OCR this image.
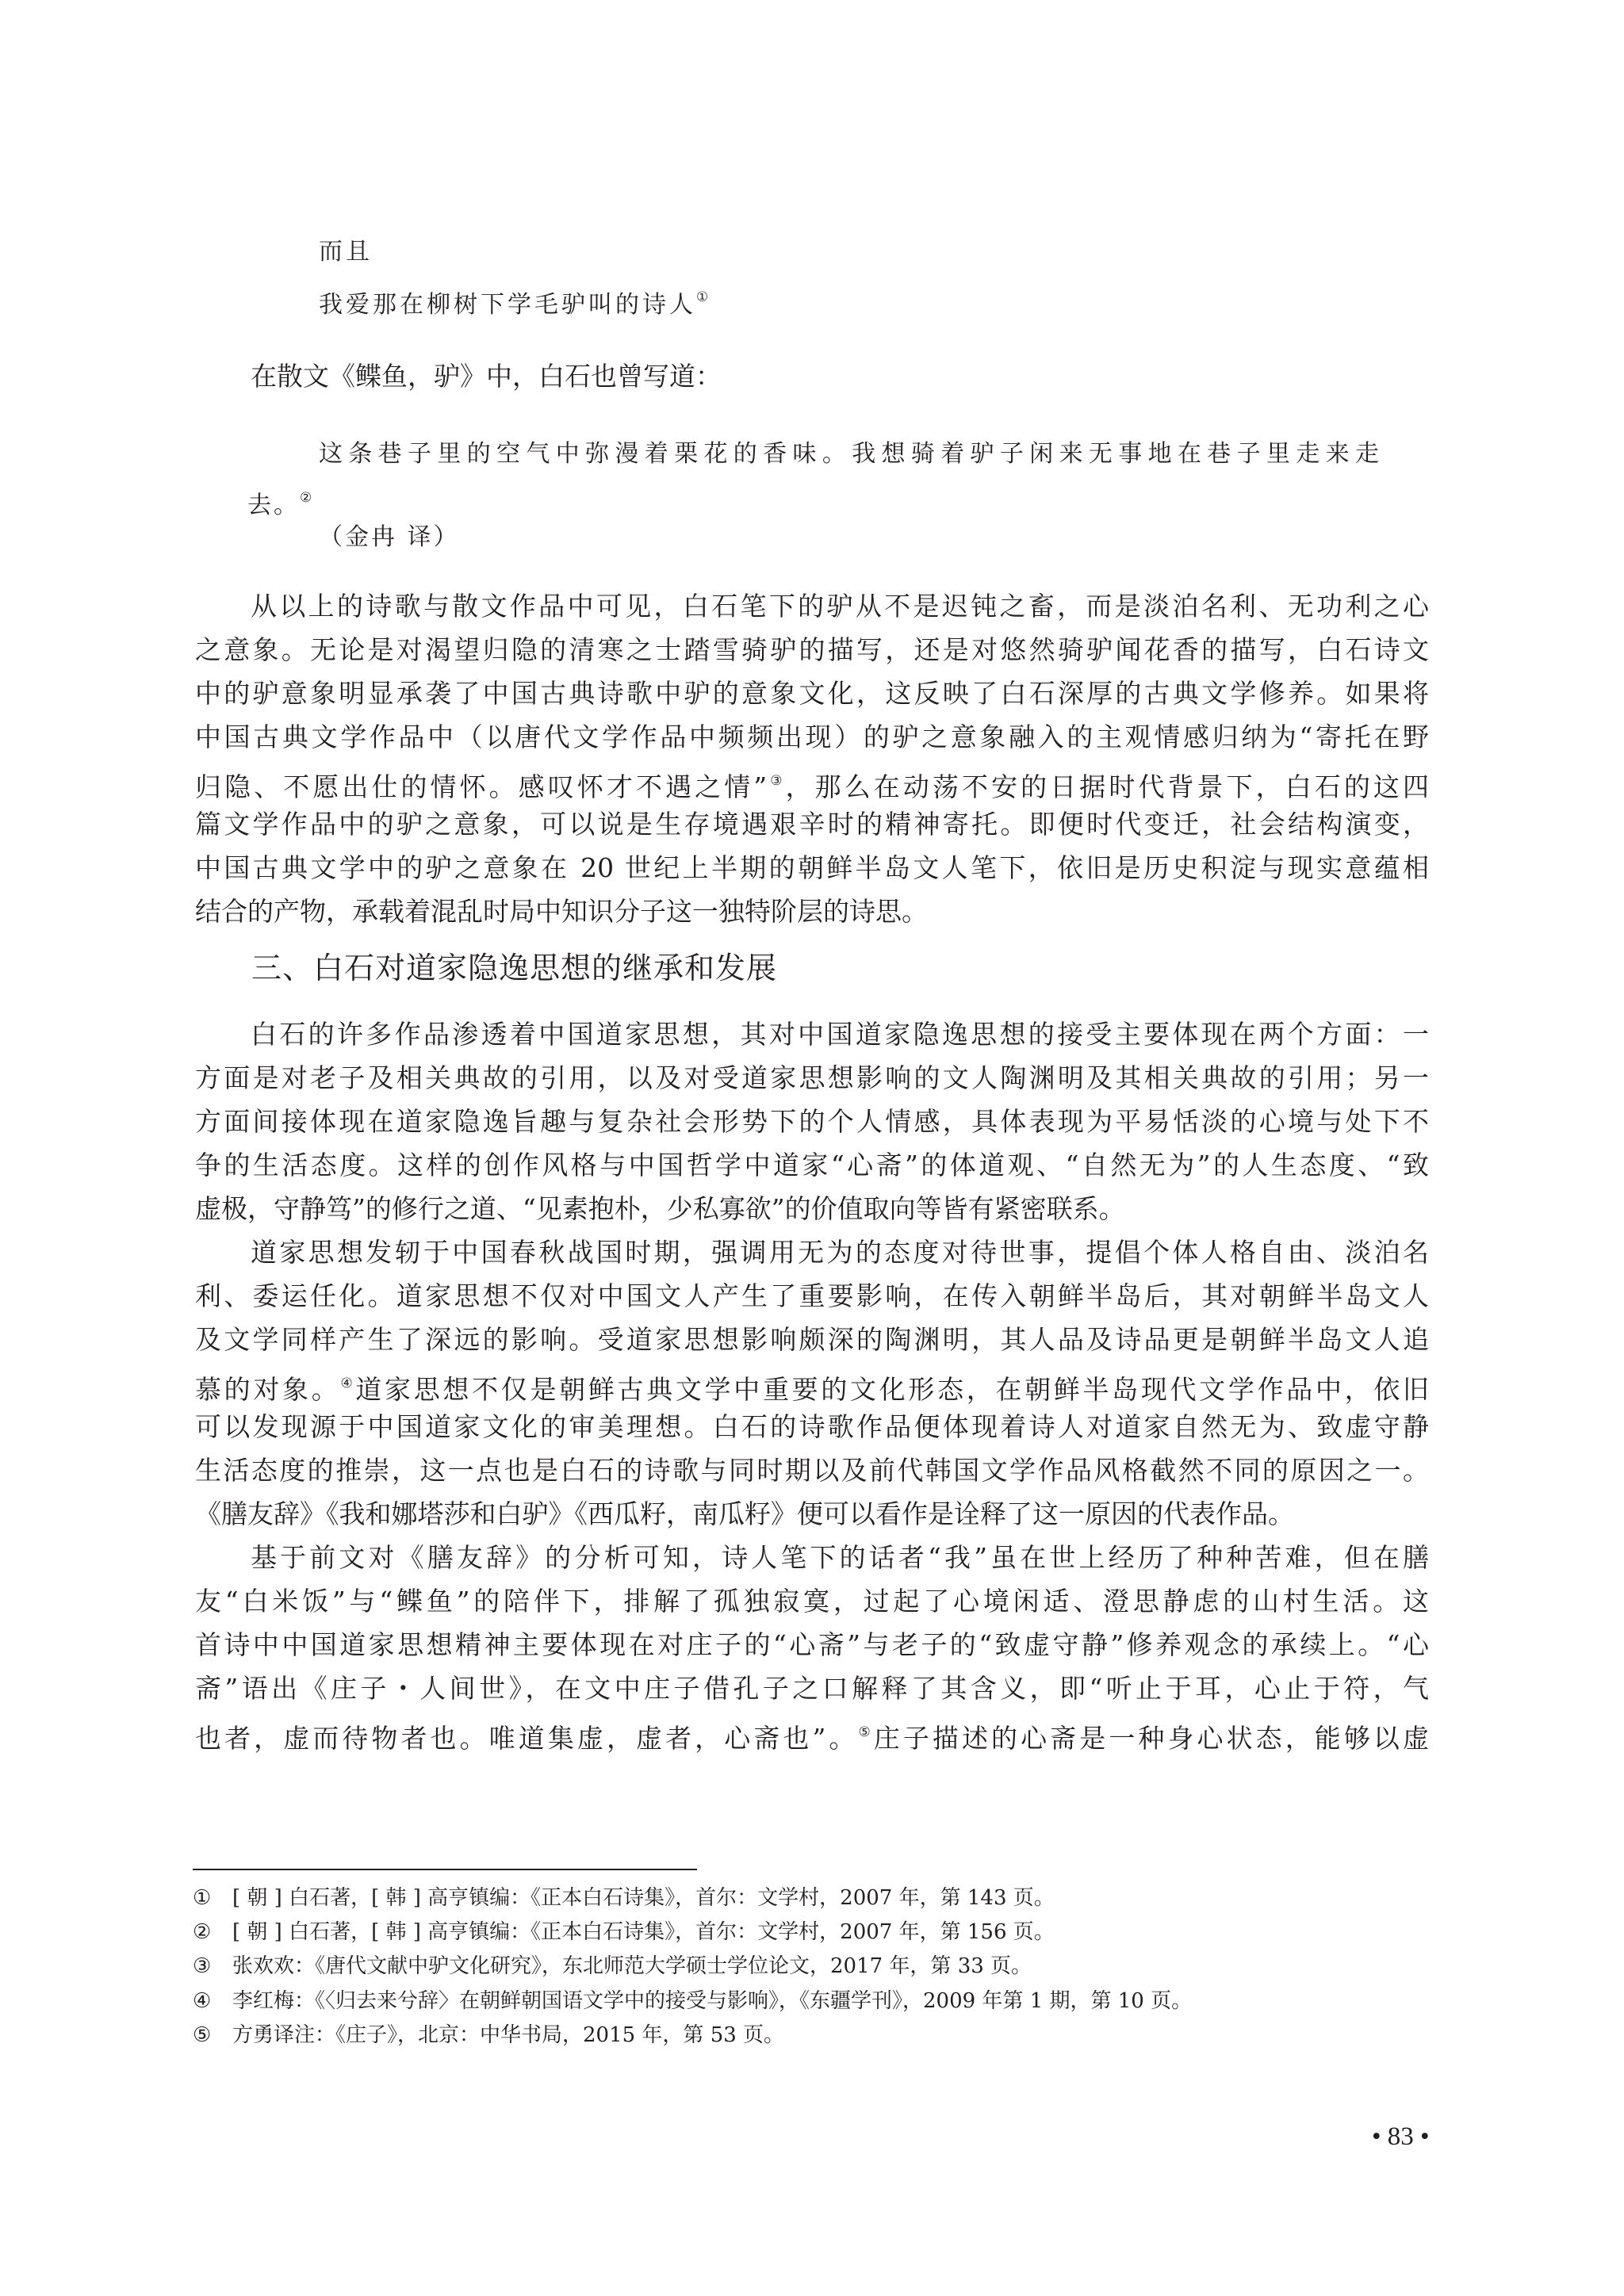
而且
我爱那在柳树下学毛驴叫的诗人①
在散文《鲽鱼，驴》中，白石也曾写道：
这条巷子里的空气中弥漫着栗花的香味。我想骑着驴子闲来无事地在巷子里走来走
去。②
（金冉 译）
从以上的诗歌与散文作品中可见，白石笔下的驴从不是迟钝之畜，而是淡泊名利、无功利之心
之意象。无论是对渴望归隐的清寒之士踏雪骑驴的描写，还是对悠然骑驴闻花香的描写，白石诗文
中的驴意象明显承袭了中国古典诗歌中驴的意象文化，这反映了白石深厚的古典文学修养。如果将
中国古典文学作品中（以唐代文学作品中频频出现）的驴之意象融入的主观情感归纳为“寄托在野
归隐、不愿出仕的情怀。感叹怀才不遇之情”③，那么在动荡不安的日据时代背景下，白石的这四
篇文学作品中的驴之意象，可以说是生存境遇艰辛时的精神寄托。即便时代变迁，社会结构演变，
中国古典文学中的驴之意象在 20 世纪上半期的朝鲜半岛文人笔下，依旧是历史积淀与现实意蕴相
结合的产物，承载着混乱时局中知识分子这一独特阶层的诗思。
三、白石对道家隐逸思想的继承和发展
白石的许多作品渗透着中国道家思想，其对中国道家隐逸思想的接受主要体现在两个方面：一
方面是对老子及相关典故的引用，以及对受道家思想影响的文人陶渊明及其相关典故的引用；另一
方面间接体现在道家隐逸旨趣与复杂社会形势下的个人情感，具体表现为平易恬淡的心境与处下不
争的生活态度。这样的创作风格与中国哲学中道家“心斋”的体道观、“自然无为”的人生态度、“致
虚极，守静笃”的修行之道、“见素抱朴，少私寡欲”的价值取向等皆有紧密联系。
道家思想发轫于中国春秋战国时期，强调用无为的态度对待世事，提倡个体人格自由、淡泊名
利、委运任化。道家思想不仅对中国文人产生了重要影响，在传入朝鲜半岛后，其对朝鲜半岛文人
及文学同样产生了深远的影响。受道家思想影响颇深的陶渊明，其人品及诗品更是朝鲜半岛文人追
慕的对象。④道家思想不仅是朝鲜古典文学中重要的文化形态，在朝鲜半岛现代文学作品中，依旧
可以发现源于中国道家文化的审美理想。白石的诗歌作品便体现着诗人对道家自然无为、致虚守静
生活态度的推崇，这一点也是白石的诗歌与同时期以及前代韩国文学作品风格截然不同的原因之一。
《膳友辞》《我和娜塔莎和白驴》《西瓜籽，南瓜籽》便可以看作是诠释了这一原因的代表作品。
基于前文对《膳友辞》的分析可知，诗人笔下的话者“我”虽在世上经历了种种苦难，但在膳
友“白米饭”与“鲽鱼”的陪伴下，排解了孤独寂寞，过起了心境闲适、澄思静虑的山村生活。这
首诗中中国道家思想精神主要体现在对庄子的“心斋”与老子的“致虚守静”修养观念的承续上。“心
斋”语出《庄子・人间世》，在文中庄子借孔子之口解释了其含义，即“听止于耳，心止于符，气
也者，虚而待物者也。唯道集虚，虚者，心斋也”。⑤庄子描述的心斋是一种身心状态，能够以虚
① [ 朝 ] 白石著，[ 韩 ] 高亨镇编：《正本白石诗集》，首尔：文学村，2007 年，第 143 页。
② [ 朝 ] 白石著，[ 韩 ] 高亨镇编：《正本白石诗集》，首尔：文学村，2007 年，第 156 页。
③ 张欢欢：《唐代文献中驴文化研究》，东北师范大学硕士学位论文，2017 年，第 33 页。
④ 李红梅：《〈归去来兮辞〉在朝鲜朝国语文学中的接受与影响》，《东疆学刊》，2009 年第 1 期，第 10 页。
⑤ 方勇译注：《庄子》，北京：中华书局，2015 年，第 53 页。
• 83 •
